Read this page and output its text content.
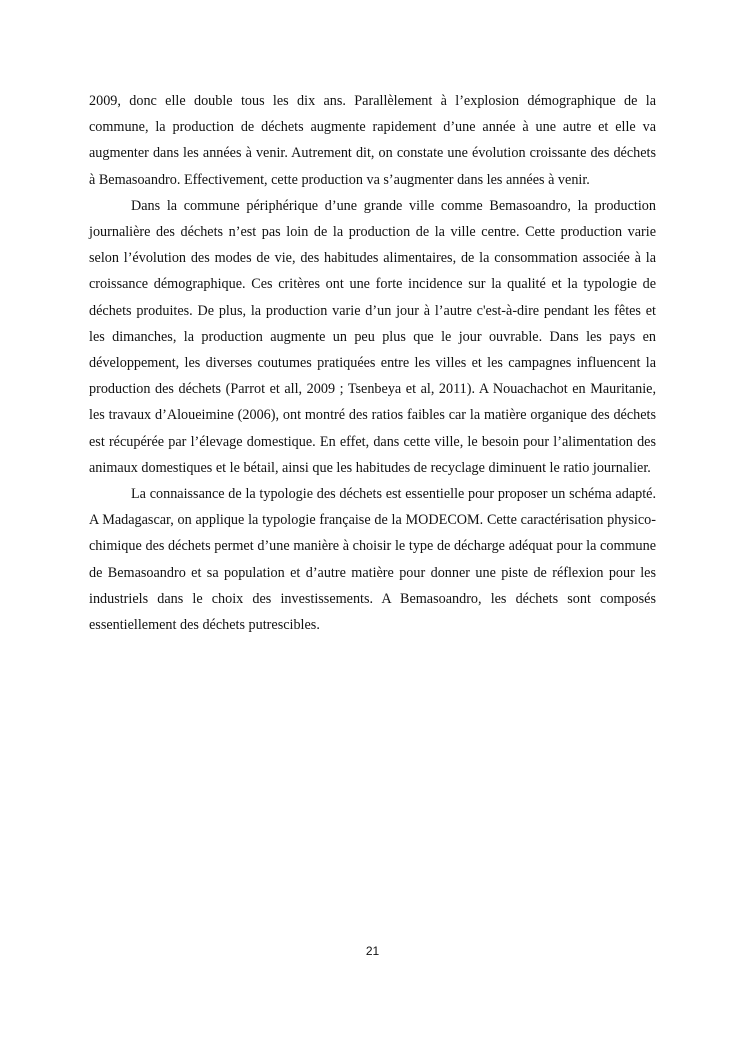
2009, donc elle double tous les dix ans. Parallèlement à l’explosion démographique de la commune, la production de déchets augmente rapidement d’une année à une autre et elle va augmenter dans les années à venir. Autrement dit, on constate une évolution croissante des déchets à Bemasoandro. Effectivement, cette production va s’augmenter dans les années à venir.

Dans la commune périphérique d’une grande ville comme Bemasoandro, la production journalière des déchets n’est pas loin de la production de la ville centre. Cette production varie selon l’évolution des modes de vie, des habitudes alimentaires, de la consommation associée à la croissance démographique. Ces critères ont une forte incidence sur la qualité et la typologie de déchets produites. De plus, la production varie d’un jour à l’autre c'est-à-dire pendant les fêtes et les dimanches, la production augmente un peu plus que le jour ouvrable. Dans les pays en développement, les diverses coutumes pratiquées entre les villes et les campagnes influencent la production des déchets (Parrot et all, 2009 ; Tsenbeya et al, 2011). A Nouachachot en Mauritanie, les travaux d’Aloueimine (2006), ont montré des ratios faibles car la matière organique des déchets est récupérée par l’élevage domestique. En effet, dans cette ville, le besoin pour l’alimentation des animaux domestiques et le bétail, ainsi que les habitudes de recyclage diminuent le ratio journalier.

La connaissance de la typologie des déchets est essentielle pour proposer un schéma adapté. A Madagascar, on applique la typologie française de la MODECOM. Cette caractérisation physico-chimique des déchets permet d’une manière à choisir le type de décharge adéquat pour la commune de Bemasoandro et sa population et d’autre matière pour donner une piste de réflexion pour les industriels dans le choix des investissements. A Bemasoandro, les déchets sont composés essentiellement des déchets putrescibles.

21
